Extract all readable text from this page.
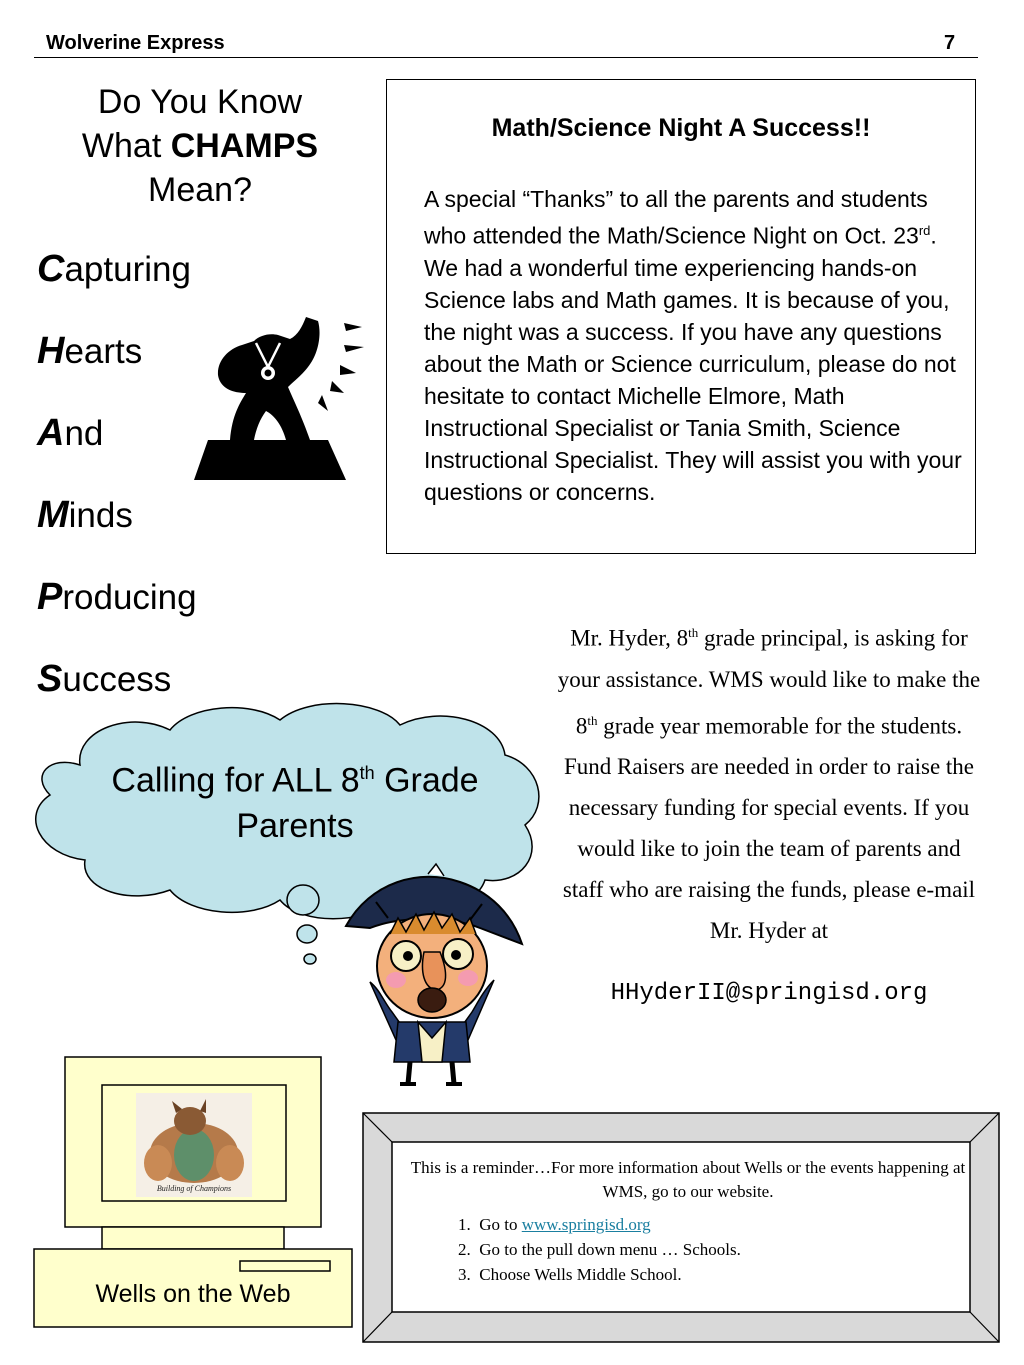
Wolverine Express	7
Do You Know
What CHAMPS
Mean?
Capturing
Hearts
And
Minds
Producing
Success
Math/Science Night A Success!!
A special “Thanks” to all the parents and students who attended the Math/Science Night on Oct. 23rd. We had a wonderful time experiencing hands-on Science labs and Math games. It is because of you, the night was a success. If you have any questions about the Math or Science curriculum, please do not hesitate to contact Michelle Elmore, Math Instructional Specialist or Tania Smith, Science Instructional Specialist. They will assist you with your questions or concerns.
Calling for ALL 8th Grade Parents
Mr. Hyder, 8th grade principal, is asking for your assistance. WMS would like to make the 8th grade year memorable for the students. Fund Raisers are needed in order to raise the necessary funding for special events. If you would like to join the team of parents and staff who are raising the funds, please e-mail Mr. Hyder at
HHyderII@springisd.org
Building of Champions
Wells on the Web
This is a reminder…For more information about Wells or the events happening at WMS, go to our website.
1. Go to www.springisd.org
2. Go to the pull down menu … Schools.
3. Choose Wells Middle School.
